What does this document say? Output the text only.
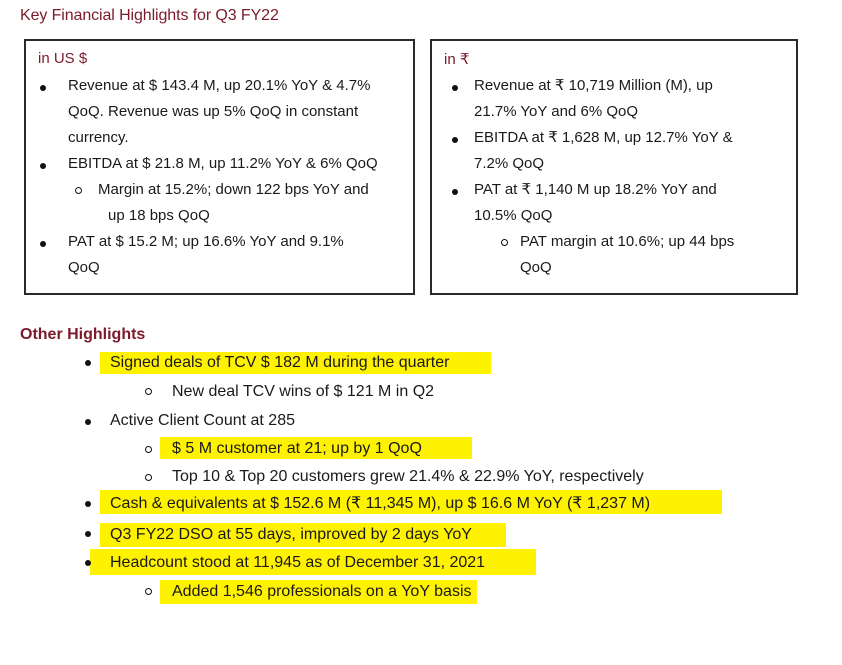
Key Financial Highlights for Q3 FY22
in US $
Revenue at $ 143.4 M, up 20.1% YoY & 4.7%
QoQ. Revenue was up 5% QoQ in constant
currency.
EBITDA at $ 21.8 M, up 11.2% YoY & 6% QoQ
Margin at 15.2%; down 122 bps YoY and
up 18 bps QoQ
PAT at $ 15.2 M; up 16.6% YoY and 9.1%
QoQ
in ₹
Revenue at ₹ 10,719 Million (M), up
21.7% YoY and 6% QoQ
EBITDA at ₹ 1,628 M, up 12.7% YoY &
7.2% QoQ
PAT at ₹ 1,140 M up 18.2% YoY and
10.5% QoQ
PAT margin at 10.6%; up 44 bps
QoQ
Other Highlights
Signed deals of TCV $ 182 M during the quarter
New deal TCV wins of $ 121 M in Q2
Active Client Count at 285
$ 5 M customer at 21; up by 1 QoQ
Top 10 & Top 20 customers grew 21.4% & 22.9% YoY, respectively
Cash & equivalents at $ 152.6 M (₹ 11,345 M), up $ 16.6 M YoY (₹ 1,237 M)
Q3 FY22 DSO at 55 days, improved by 2 days YoY
Headcount stood at 11,945 as of December 31, 2021
Added 1,546 professionals on a YoY basis
